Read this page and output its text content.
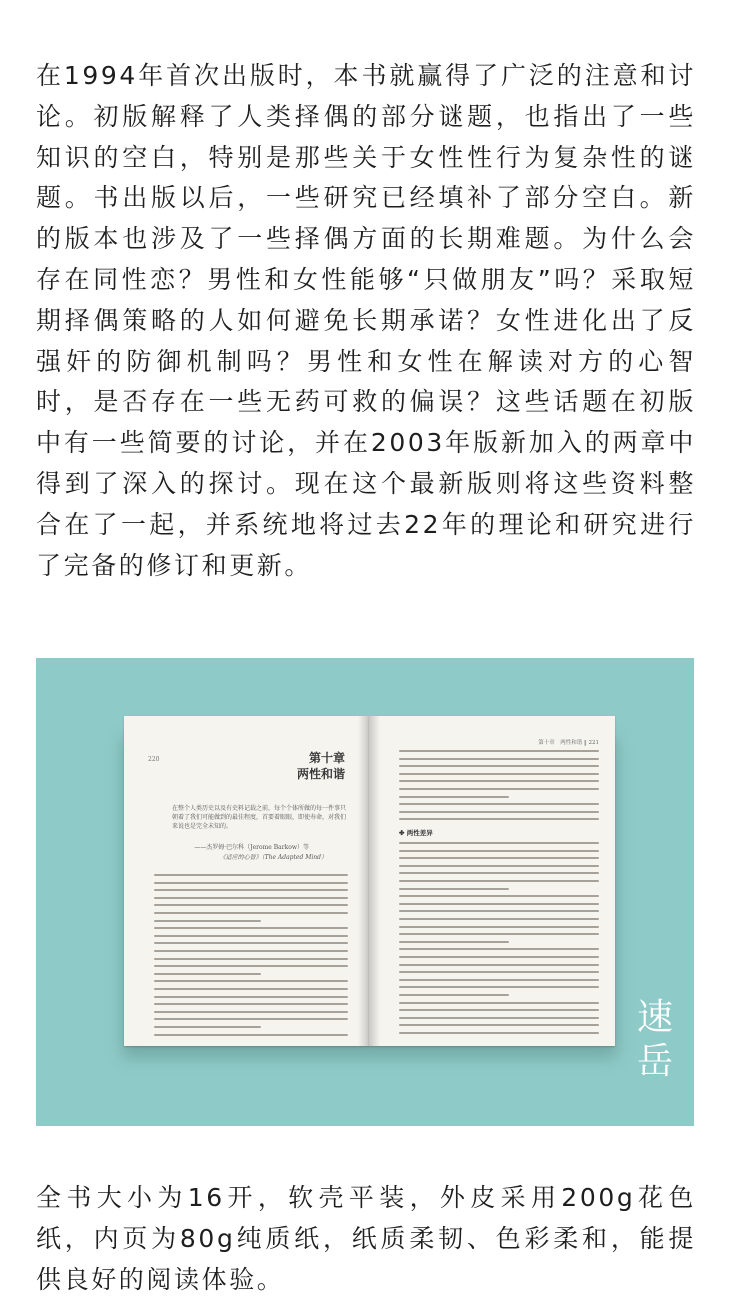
在1994年首次出版时，本书就赢得了广泛的注意和讨论。初版解释了人类择偶的部分谜题，也指出了一些知识的空白，特别是那些关于女性性行为复杂性的谜题。书出版以后，一些研究已经填补了部分空白。新的版本也涉及了一些择偶方面的长期难题。为什么会存在同性恋？男性和女性能够“只做朋友”吗？采取短期择偶策略的人如何避免长期承诺？女性进化出了反强奸的防御机制吗？男性和女性在解读对方的心智时，是否存在一些无药可救的偏误？这些话题在初版中有一些简要的讨论，并在2003年版新加入的两章中得到了深入的探讨。现在这个最新版则将这些资料整合在了一起，并系统地将过去22年的理论和研究进行了完备的修订和更新。

220	第十章
两性和谐
在整个人类历史以及有史料记载之前，每个个体所做的每一件事只朝着了我们可能做到的最佳程度，首要着眼眼，即使寿命，对我们来说也是完全未知的。
——杰罗姆·巴尔科（Jerome Barkow）等
《适应的心智》（The Adapted Mind）
第十章　两性和谐 ‖ 221
✤ 两性差异
速
岳

全书大小为16开，软壳平装，外皮采用200g花色纸，内页为80g纯质纸，纸质柔韧、色彩柔和，能提供良好的阅读体验。
